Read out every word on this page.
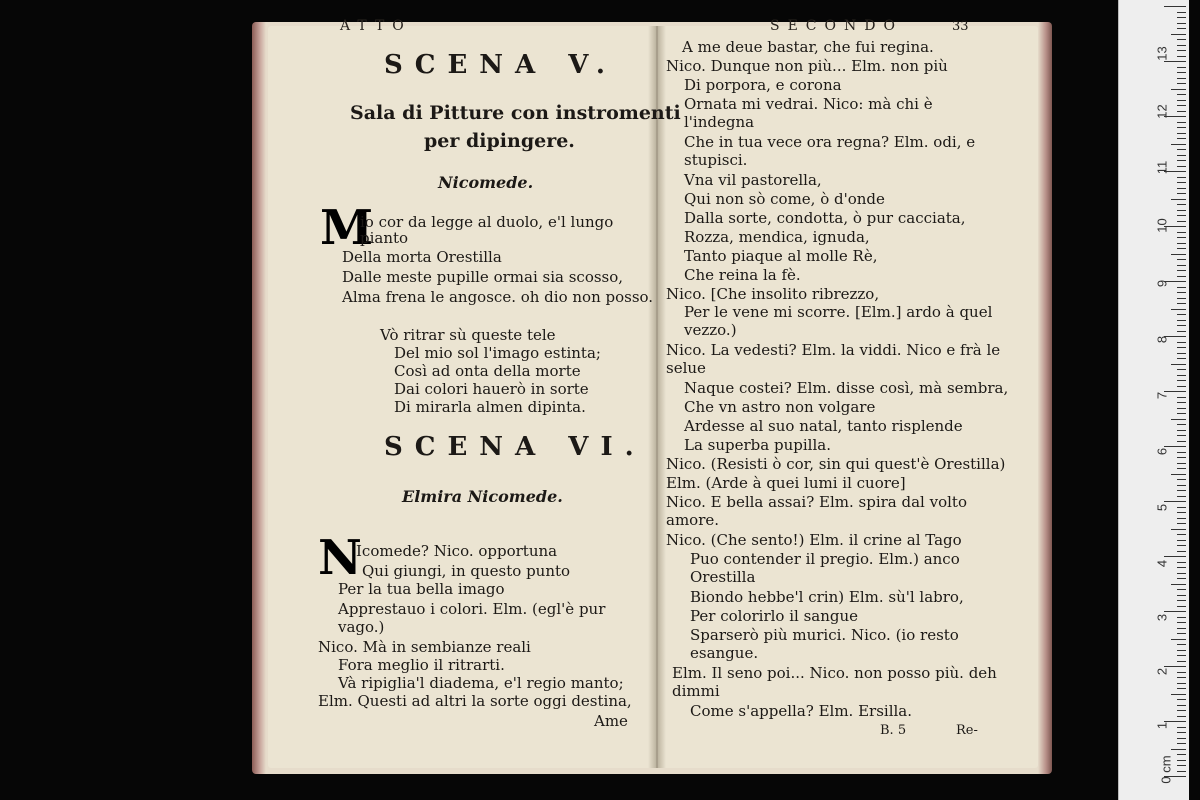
ATTO
SCENA V.
Sala di Pitture con instromenti
per dipingere.
Nicomede.
M
io cor da legge al duolo, e'l lungo pianto
Della morta Orestilla
Dalle meste pupille ormai sia scosso,
Alma frena le angosce. oh dio non posso.
Vò ritrar sù queste tele
Del mio sol l'imago estinta;
Così ad onta della morte
Dai colori hauerò in sorte
Di mirarla almen dipinta.
SCENA VI.
Elmira Nicomede.
N
Icomede? Nico. opportuna
Qui giungi, in questo punto
Per la tua bella imago
Apprestauo i colori. Elm. (egl'è pur vago.)
Nico. Mà in sembianze reali
Fora meglio il ritrarti.
Và ripiglia'l diadema, e'l regio manto;
Elm. Questi ad altri la sorte oggi destina,
Ame
SECONDO	33
A me deue bastar, che fui regina.
Nico. Dunque non più... Elm. non più
Di porpora, e corona
Ornata mi vedrai. Nico: mà chi è l'indegna
Che in tua vece ora regna? Elm. odi, e stupisci.
Vna vil pastorella,
Qui non sò come, ò d'onde
Dalla sorte, condotta, ò pur cacciata,
Rozza, mendica, ignuda,
Tanto piaque al molle Rè,
Che reina la fè.
Nico. [Che insolito ribrezzo,
Per le vene mi scorre. [Elm.] ardo à quel vezzo.)
Nico. La vedesti? Elm. la viddi. Nico e frà le selue
Naque costei? Elm. disse così, mà sembra,
Che vn astro non volgare
Ardesse al suo natal, tanto risplende
La superba pupilla.
Nico. (Resisti ò cor, sin qui quest'è Orestilla)
Elm. (Arde à quei lumi il cuore]
Nico. E bella assai? Elm. spira dal volto amore.
Nico. (Che sento!) Elm. il crine al Tago
Puo contender il pregio. Elm.) anco Orestilla
Biondo hebbe'l crin) Elm. sù'l labro,
Per colorirlo il sangue
Sparserò più murici. Nico. (io resto esangue.
Elm. Il seno poi... Nico. non posso più. deh dimmi
Come s'appella? Elm. Ersilla.
B. 5	Re-	1
2
3
4
5
6
7
8
9
10
11
12
13
0 cm
